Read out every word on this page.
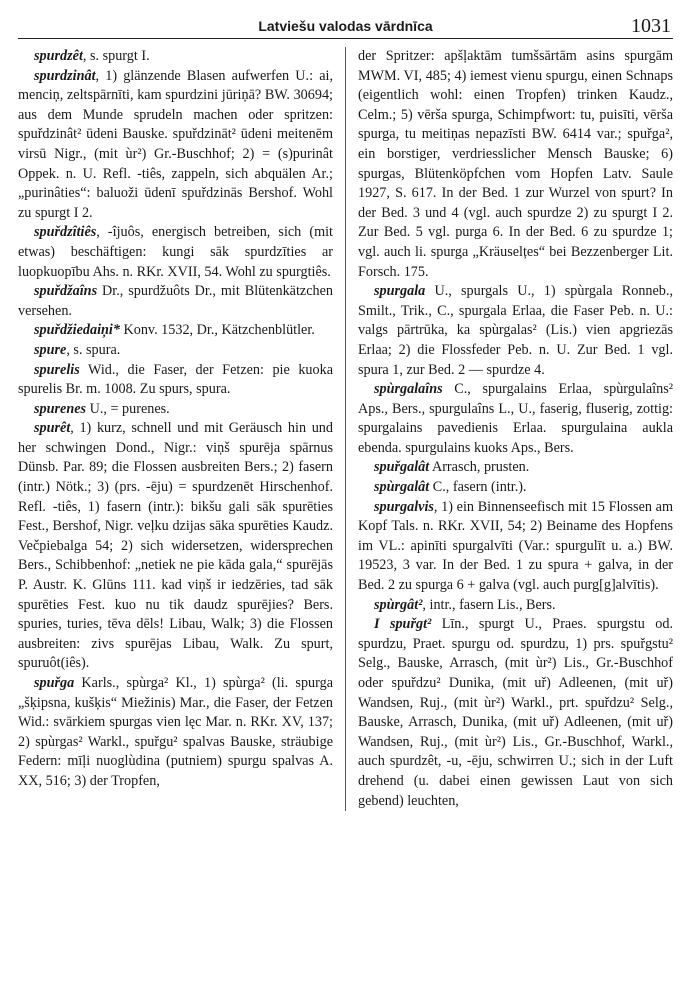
Latviešu valodas vārdnīca	1031

spurdzêt, s. spurgt I.

spurdzinât, 1) glänzende Blasen aufwerfen U.: ai, menciņ, zeltspārnīti, kam spurdzini jūriņā? BW. 30694; aus dem Munde sprudeln machen oder spritzen: spuřdzinât² ūdeni Bauske. spuřdzināt² ūdeni meitenēm virsū Nigr., (mit ùr²) Gr.-Buschhof; 2) = (s)purinât Oppek. n. U. Refl. -tiês, zappeln, sich abquälen Ar.; „purinâties“: baluoži ūdenī spuřdzinās Bershof. Wohl zu spurgt I 2.

spuřdzîtiês, -îjuôs, energisch betreiben, sich (mit etwas) beschäftigen: kungi sāk spurdzīties ar luopkuopību Ahs. n. RKr. XVII, 54. Wohl zu spurgtiês.

spuřdžaîns Dr., spurdžuôts Dr., mit Blütenkätzchen versehen.

spuřdžiedaiņi* Konv. 1532, Dr., Kätzchenblütler.

spure, s. spura.

spurelis Wid., die Faser, der Fetzen: pie kuoka spurelis Br. m. 1008. Zu spurs, spura.

spurenes U., = purenes.

spurêt, 1) kurz, schnell und mit Geräusch hin und her schwingen Dond., Nigr.: viņš spurēja spārnus Dünsb. Par. 89; die Flossen ausbreiten Bers.; 2) fasern (intr.) Nötk.; 3) (prs. -ēju) = spurdzenēt Hirschenhof. Refl. -tiês, 1) fasern (intr.): bikšu gali sāk spurēties Fest., Bershof, Nigr. veļku dzijas sāka spurēties Kaudz. Večpiebalga 54; 2) sich widersetzen, widersprechen Bers., Schibbenhof: „netiek ne pie kāda gala,“ spurējās P. Austr. K. Glūns 111. kad viņš ir iedzēries, tad sāk spurēties Fest. kuo nu tik daudz spurējies? Bers. spuries, turies, tēva dēls! Libau, Walk; 3) die Flossen ausbreiten: zivs spurējas Libau, Walk. Zu spurt, spuruôt(iês).

spuřga Karls., spùrga² Kl., 1) spùrga² (li. spurga „šķipsna, kušķis“ Miežinis) Mar., die Faser, der Fetzen Wid.: svārkiem spurgas vien lęc Mar. n. RKr. XV, 137; 2) spùrgas² Warkl., spuřgu² spalvas Bauske, sträubige Federn: mīļi nuoglùdina (putniem) spurgu spalvas A. XX, 516; 3) der Tropfen,

der Spritzer: apšļaktām tumšsārtām asins spurgām MWM. VI, 485; 4) iemest vienu spurgu, einen Schnaps (eigentlich wohl: einen Tropfen) trinken Kaudz., Celm.; 5) vērša spurga, Schimpfwort: tu, puisīti, vērša spurga, tu meitiņas nepazīsti BW. 6414 var.; spuřga², ein borstiger, verdriesslicher Mensch Bauske; 6) spurgas, Blütenköpfchen vom Hopfen Latv. Saule 1927, S. 617. In der Bed. 1 zur Wurzel von spurt? In der Bed. 3 und 4 (vgl. auch spurdze 2) zu spurgt I 2. Zur Bed. 5 vgl. purga 6. In der Bed. 6 zu spurdze 1; vgl. auch li. spurga „Kräuselțes“ bei Bezzenberger Lit. Forsch. 175.

spurgala U., spurgals U., 1) spùrgala Ronneb., Smilt., Trik., C., spurgala Erlaa, die Faser Peb. n. U.: valgs pārtrūka, ka spùrgalas² (Lis.) vien apgriezās Erlaa; 2) die Flossfeder Peb. n. U. Zur Bed. 1 vgl. spura 1, zur Bed. 2 — spurdze 4.

spùrgalaîns C., spurgalains Erlaa, spùrgulaîns² Aps., Bers., spurgulaîns L., U., faserig, fluserig, zottig: spurgalains pavedienis Erlaa. spurgulaina aukla ebenda. spurgulains kuoks Aps., Bers.

spuřgalât Arrasch, prusten.

spùrgalât C., fasern (intr.).

spurgalvis, 1) ein Binnenseefisch mit 15 Flossen am Kopf Tals. n. RKr. XVII, 54; 2) Beiname des Hopfens im VL.: apinīti spurgalvīti (Var.: spurgulīt u. a.) BW. 19523, 3 var. In der Bed. 1 zu spura + galva, in der Bed. 2 zu spurga 6 + galva (vgl. auch purg[g]alvītis).

spùrgât², intr., fasern Lis., Bers.

I spuřgt² Līn., spurgt U., Praes. spurgstu od. spurdzu, Praet. spurgu od. spurdzu, 1) prs. spuřgstu² Selg., Bauske, Arrasch, (mit ùr²) Lis., Gr.-Buschhof oder spuřdzu² Dunika, (mit uř) Adleenen, (mit uř) Wandsen, Ruj., (mit ùr²) Warkl., prt. spuřdzu² Selg., Bauske, Arrasch, Dunika, (mit uř) Adleenen, (mit uř) Wandsen, Ruj., (mit ùr²) Lis., Gr.-Buschhof, Warkl., auch spurdzêt, -u, -ēju, schwirren U.; sich in der Luft drehend (u. dabei einen gewissen Laut von sich gebend) leuchten,
